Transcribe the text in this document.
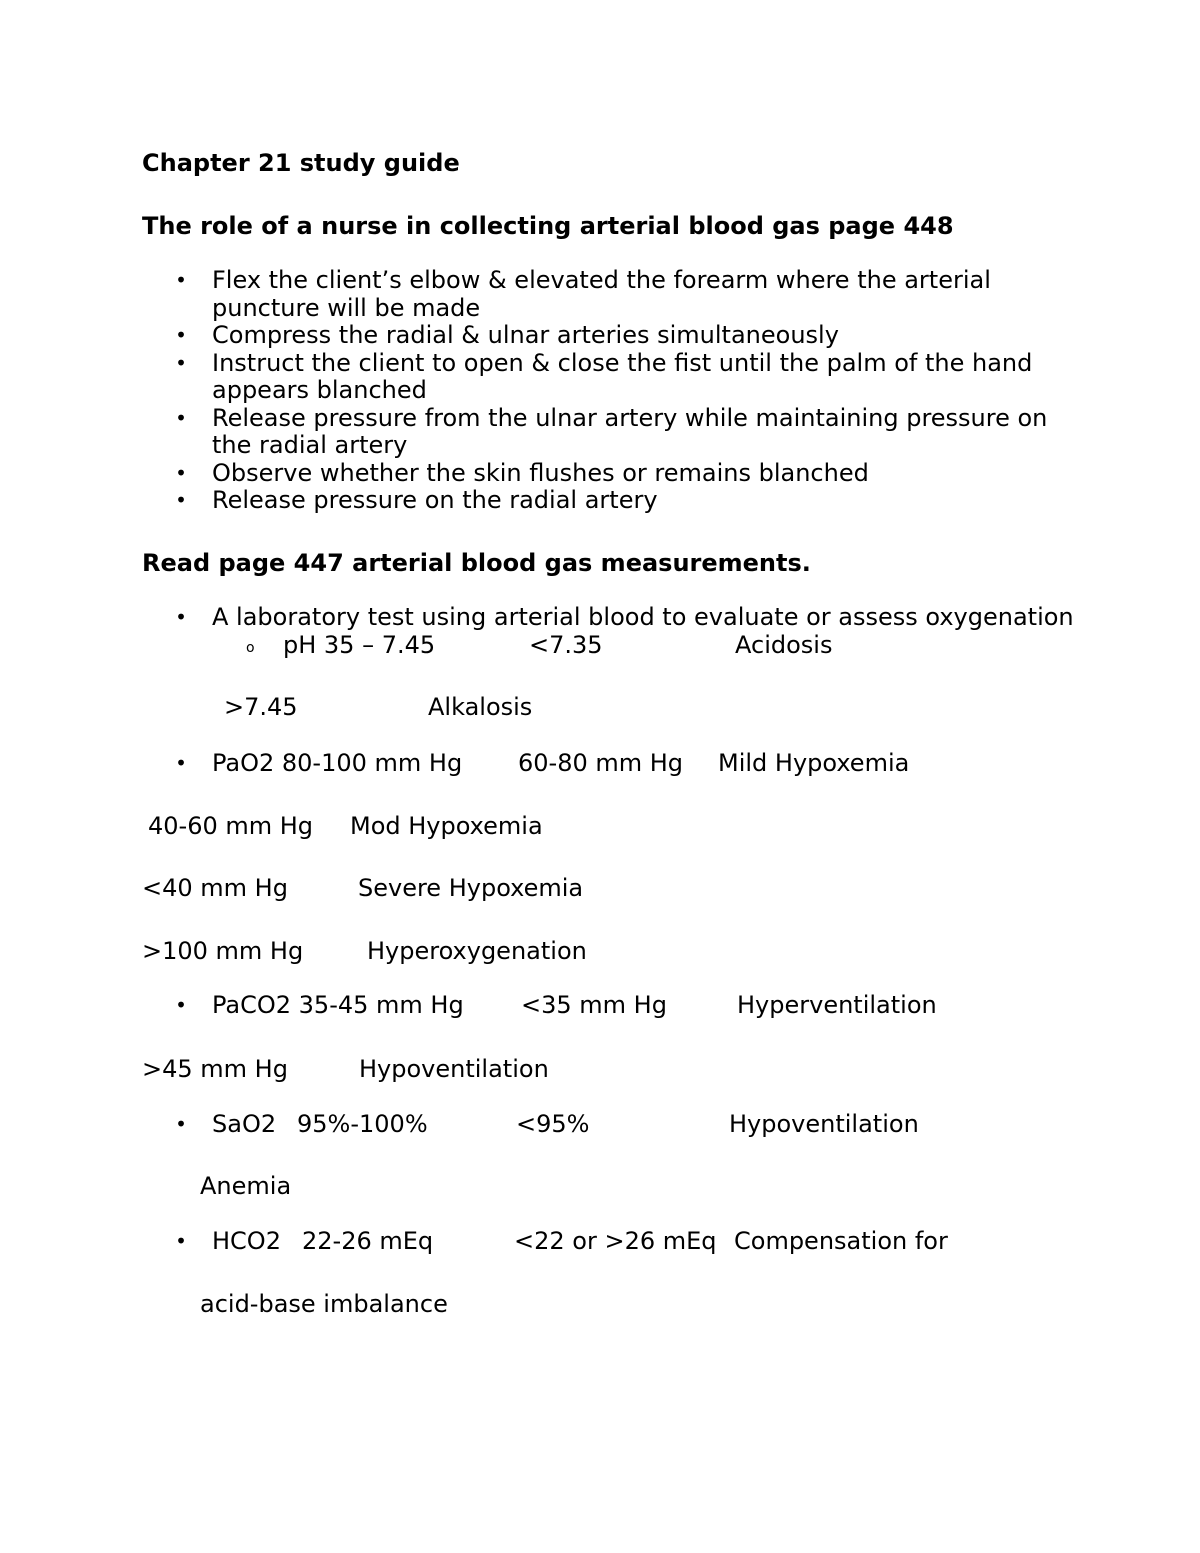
Chapter 21 study guide
The role of a nurse in collecting arterial blood gas page 448
• Flex the client’s elbow & elevated the forearm where the arterial
puncture will be made
• Compress the radial & ulnar arteries simultaneously
• Instruct the client to open & close the fist until the palm of the hand
appears blanched
• Release pressure from the ulnar artery while maintaining pressure on
the radial artery
• Observe whether the skin flushes or remains blanched
• Release pressure on the radial artery
Read page 447 arterial blood gas measurements.
• A laboratory test using arterial blood to evaluate or assess oxygenation
o pH 35 – 7.45	<7.35	Acidosis
>7.45	Alkalosis
• PaO2 80-100 mm Hg 60-80 mm Hg Mild Hypoxemia
40-60 mm Hg Mod Hypoxemia
<40 mm Hg	Severe Hypoxemia
>100 mm Hg	Hyperoxygenation
• PaCO2 35-45 mm Hg <35 mm Hg	Hyperventilation
>45 mm Hg	Hypoventilation
• SaO2 95%-100%	<95%	Hypoventilation
Anemia
• HCO2 22-26 mEq	<22 or >26 mEq Compensation for
acid-base imbalance
